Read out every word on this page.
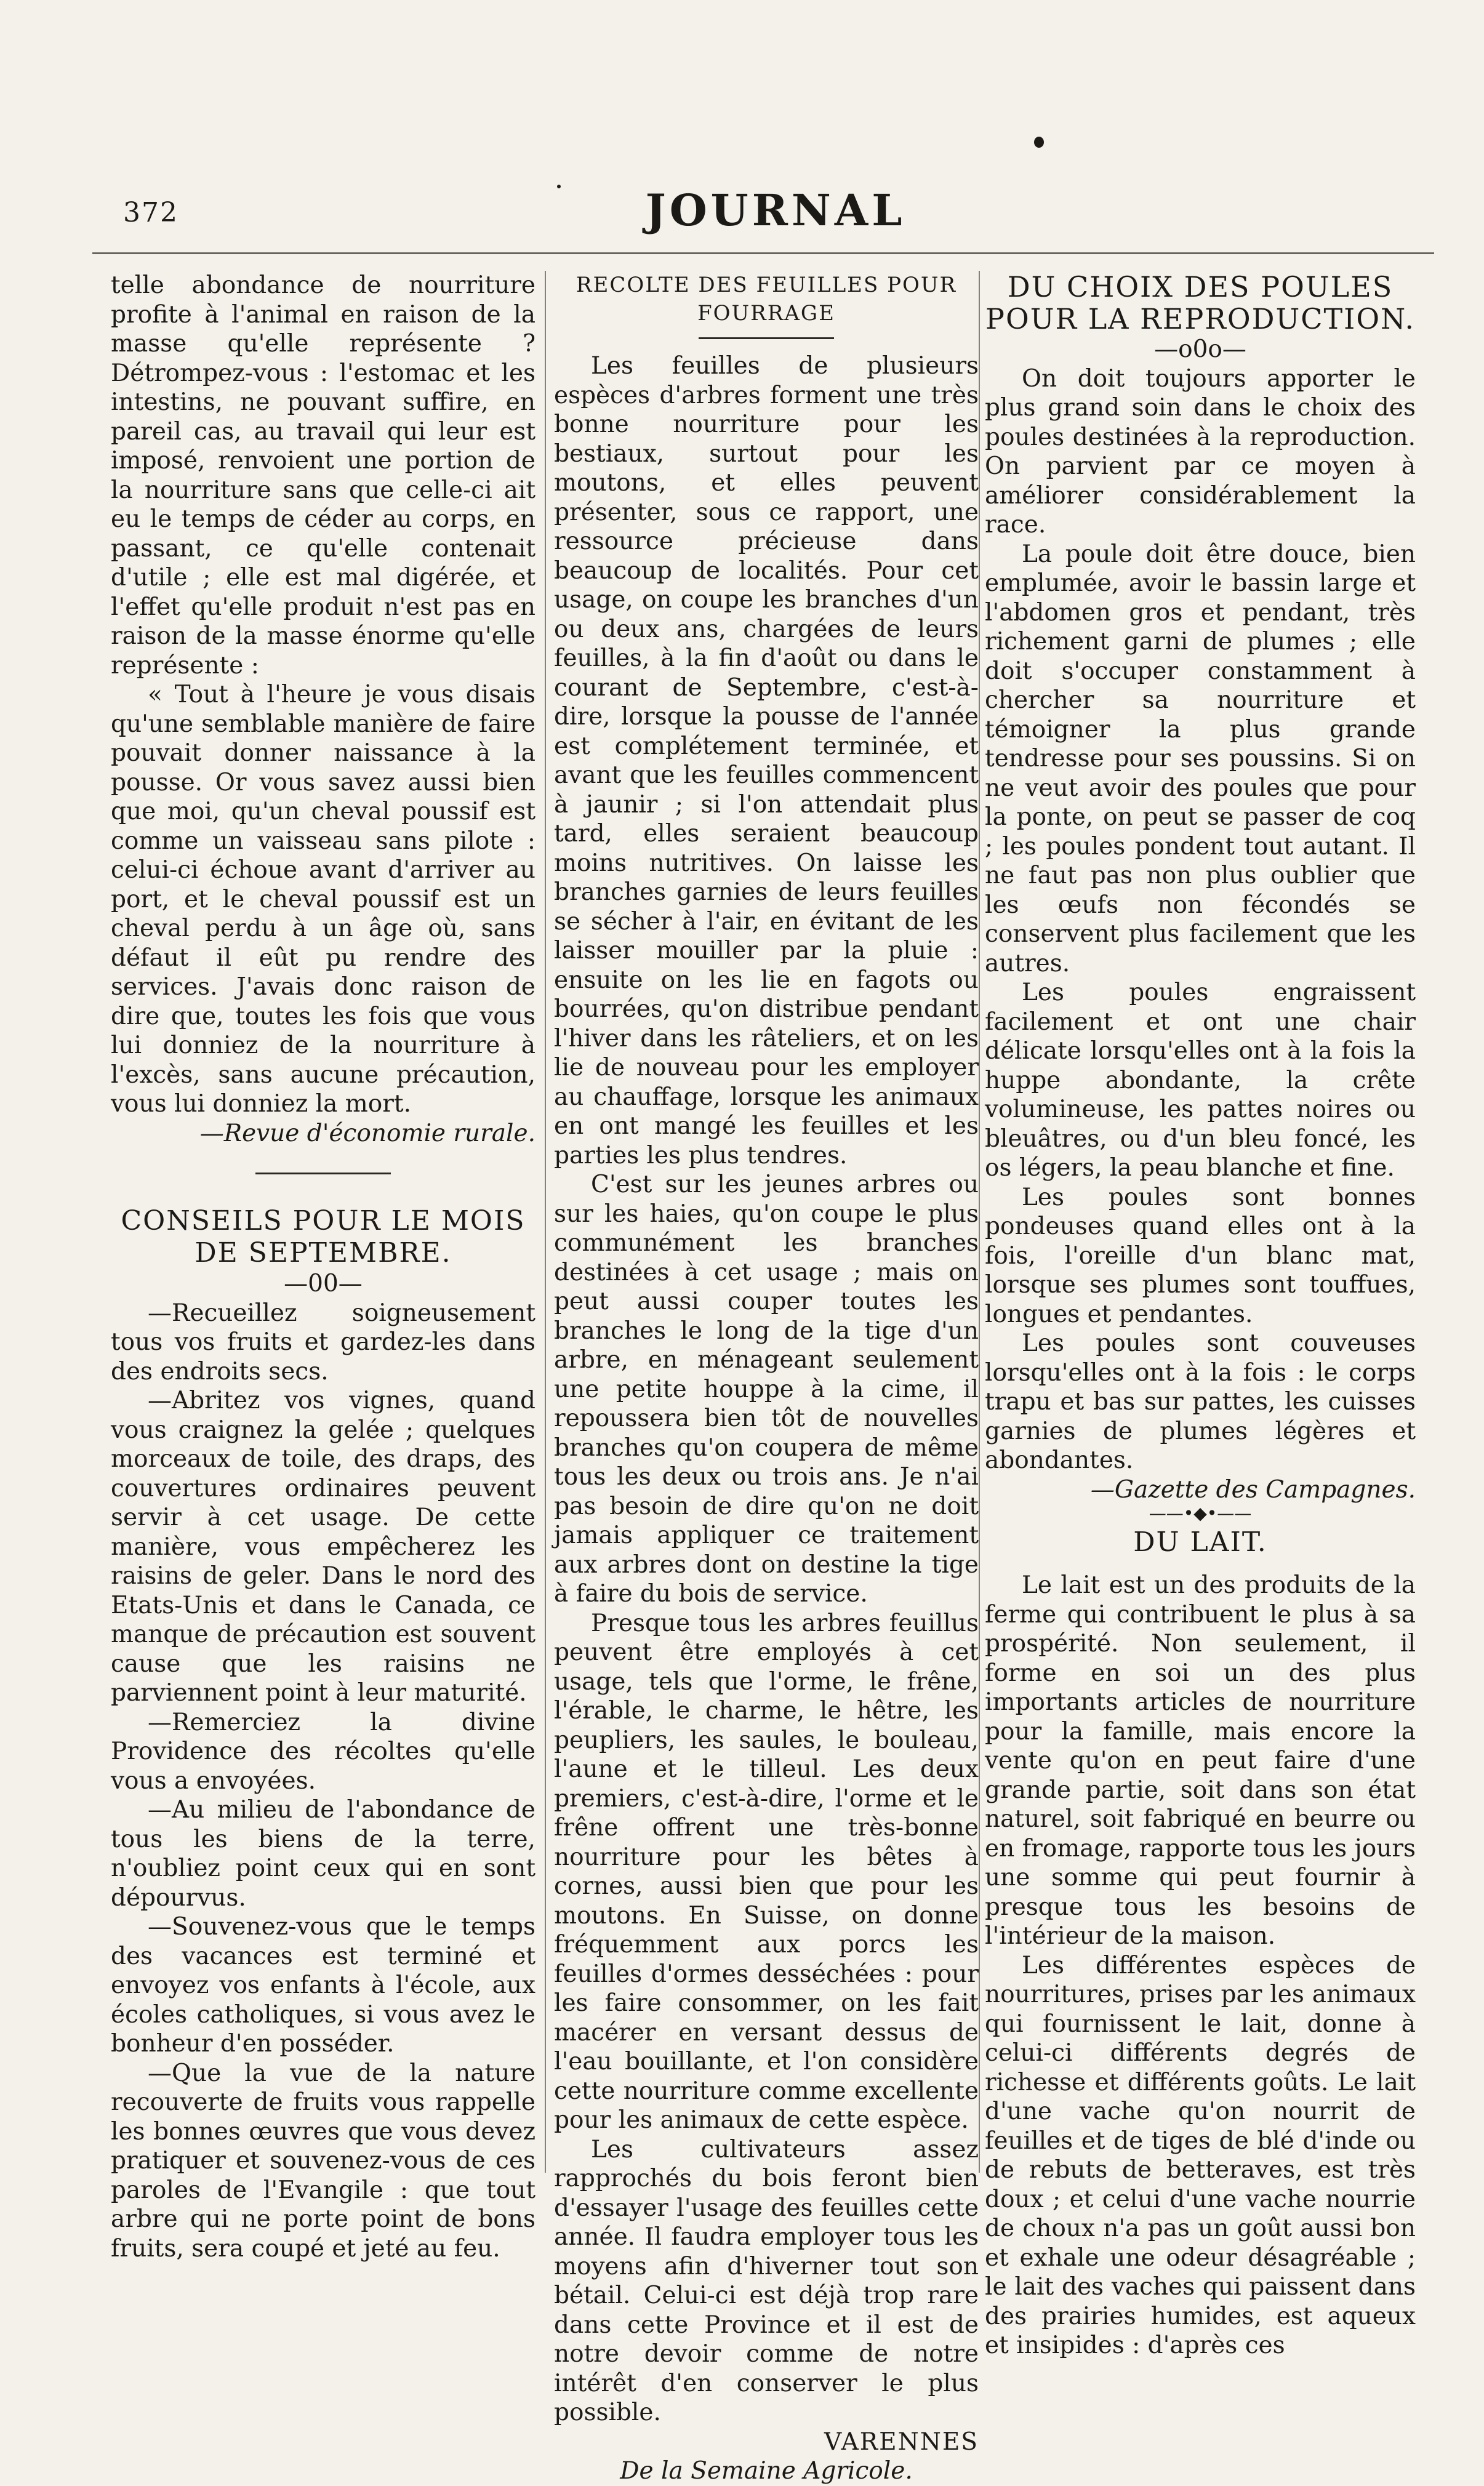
372	JOURNAL

telle abondance de nourriture profite à l'animal en raison de la masse qu'elle représente ? Détrompez-vous : l'estomac et les intestins, ne pouvant suffire, en pareil cas, au travail qui leur est imposé, renvoient une portion de la nourriture sans que celle-ci ait eu le temps de céder au corps, en passant, ce qu'elle contenait d'utile ; elle est mal digérée, et l'effet qu'elle produit n'est pas en raison de la masse énorme qu'elle représente :

« Tout à l'heure je vous disais qu'une semblable manière de faire pouvait donner naissance à la pousse. Or vous savez aussi bien que moi, qu'un cheval poussif est comme un vaisseau sans pilote : celui-ci échoue avant d'arriver au port, et le cheval poussif est un cheval perdu à un âge où, sans défaut il eût pu rendre des services. J'avais donc raison de dire que, toutes les fois que vous lui donniez de la nourriture à l'excès, sans aucune précaution, vous lui donniez la mort.

—Revue d'économie rurale.

CONSEILS POUR LE MOIS DE SEPTEMBRE.

—00—

—Recueillez soigneusement tous vos fruits et gardez-les dans des endroits secs.

—Abritez vos vignes, quand vous craignez la gelée ; quelques morceaux de toile, des draps, des couvertures ordinaires peuvent servir à cet usage. De cette manière, vous empêcherez les raisins de geler. Dans le nord des Etats-Unis et dans le Canada, ce manque de précaution est souvent cause que les raisins ne parviennent point à leur maturité.

—Remerciez la divine Providence des récoltes qu'elle vous a envoyées.

—Au milieu de l'abondance de tous les biens de la terre, n'oubliez point ceux qui en sont dépourvus.

—Souvenez-vous que le temps des vacances est terminé et envoyez vos enfants à l'école, aux écoles catholiques, si vous avez le bonheur d'en posséder.

—Que la vue de la nature recouverte de fruits vous rappelle les bonnes œuvres que vous devez pratiquer et souvenez-vous de ces paroles de l'Evangile : que tout arbre qui ne porte point de bons fruits, sera coupé et jeté au feu.

RECOLTE DES FEUILLES POUR FOURRAGE

Les feuilles de plusieurs espèces d'arbres forment une très bonne nourriture pour les bestiaux, surtout pour les moutons, et elles peuvent présenter, sous ce rapport, une ressource précieuse dans beaucoup de localités. Pour cet usage, on coupe les branches d'un ou deux ans, chargées de leurs feuilles, à la fin d'août ou dans le courant de Septembre, c'est-à-dire, lorsque la pousse de l'année est complétement terminée, et avant que les feuilles commencent à jaunir ; si l'on attendait plus tard, elles seraient beaucoup moins nutritives. On laisse les branches garnies de leurs feuilles se sécher à l'air, en évitant de les laisser mouiller par la pluie : ensuite on les lie en fagots ou bourrées, qu'on distribue pendant l'hiver dans les râteliers, et on les lie de nouveau pour les employer au chauffage, lorsque les animaux en ont mangé les feuilles et les parties les plus tendres.

C'est sur les jeunes arbres ou sur les haies, qu'on coupe le plus communément les branches destinées à cet usage ; mais on peut aussi couper toutes les branches le long de la tige d'un arbre, en ménageant seulement une petite houppe à la cime, il repoussera bien tôt de nouvelles branches qu'on coupera de même tous les deux ou trois ans. Je n'ai pas besoin de dire qu'on ne doit jamais appliquer ce traitement aux arbres dont on destine la tige à faire du bois de service.

Presque tous les arbres feuillus peuvent être employés à cet usage, tels que l'orme, le frêne, l'érable, le charme, le hêtre, les peupliers, les saules, le bouleau, l'aune et le tilleul. Les deux premiers, c'est-à-dire, l'orme et le frêne offrent une très-bonne nourriture pour les bêtes à cornes, aussi bien que pour les moutons. En Suisse, on donne fréquemment aux porcs les feuilles d'ormes desséchées : pour les faire consommer, on les fait macérer en versant dessus de l'eau bouillante, et l'on considère cette nourriture comme excellente pour les animaux de cette espèce.

Les cultivateurs assez rapprochés du bois feront bien d'essayer l'usage des feuilles cette année. Il faudra employer tous les moyens afin d'hiverner tout son bétail. Celui-ci est déjà trop rare dans cette Province et il est de notre devoir comme de notre intérêt d'en conserver le plus possible.

VARENNES

De la Semaine Agricole.

DU CHOIX DES POULES POUR LA REPRODUCTION.

—o0o—

On doit toujours apporter le plus grand soin dans le choix des poules destinées à la reproduction. On parvient par ce moyen à améliorer considérablement la race.

La poule doit être douce, bien emplumée, avoir le bassin large et l'abdomen gros et pendant, très richement garni de plumes ; elle doit s'occuper constamment à chercher sa nourriture et témoigner la plus grande tendresse pour ses poussins. Si on ne veut avoir des poules que pour la ponte, on peut se passer de coq ; les poules pondent tout autant. Il ne faut pas non plus oublier que les œufs non fécondés se conservent plus facilement que les autres.

Les poules engraissent facilement et ont une chair délicate lorsqu'elles ont à la fois la huppe abondante, la crête volumineuse, les pattes noires ou bleuâtres, ou d'un bleu foncé, les os légers, la peau blanche et fine.

Les poules sont bonnes pondeuses quand elles ont à la fois, l'oreille d'un blanc mat, lorsque ses plumes sont touffues, longues et pendantes.

Les poules sont couveuses lorsqu'elles ont à la fois : le corps trapu et bas sur pattes, les cuisses garnies de plumes légères et abondantes.

—Gazette des Campagnes.

——•◆•——

DU LAIT.

Le lait est un des produits de la ferme qui contribuent le plus à sa prospérité. Non seulement, il forme en soi un des plus importants articles de nourriture pour la famille, mais encore la vente qu'on en peut faire d'une grande partie, soit dans son état naturel, soit fabriqué en beurre ou en fromage, rapporte tous les jours une somme qui peut fournir à presque tous les besoins de l'intérieur de la maison.

Les différentes espèces de nourritures, prises par les animaux qui fournissent le lait, donne à celui-ci différents degrés de richesse et différents goûts. Le lait d'une vache qu'on nourrit de feuilles et de tiges de blé d'inde ou de rebuts de betteraves, est très doux ; et celui d'une vache nourrie de choux n'a pas un goût aussi bon et exhale une odeur désagréable ; le lait des vaches qui paissent dans des prairies humides, est aqueux et insipides : d'après ces
